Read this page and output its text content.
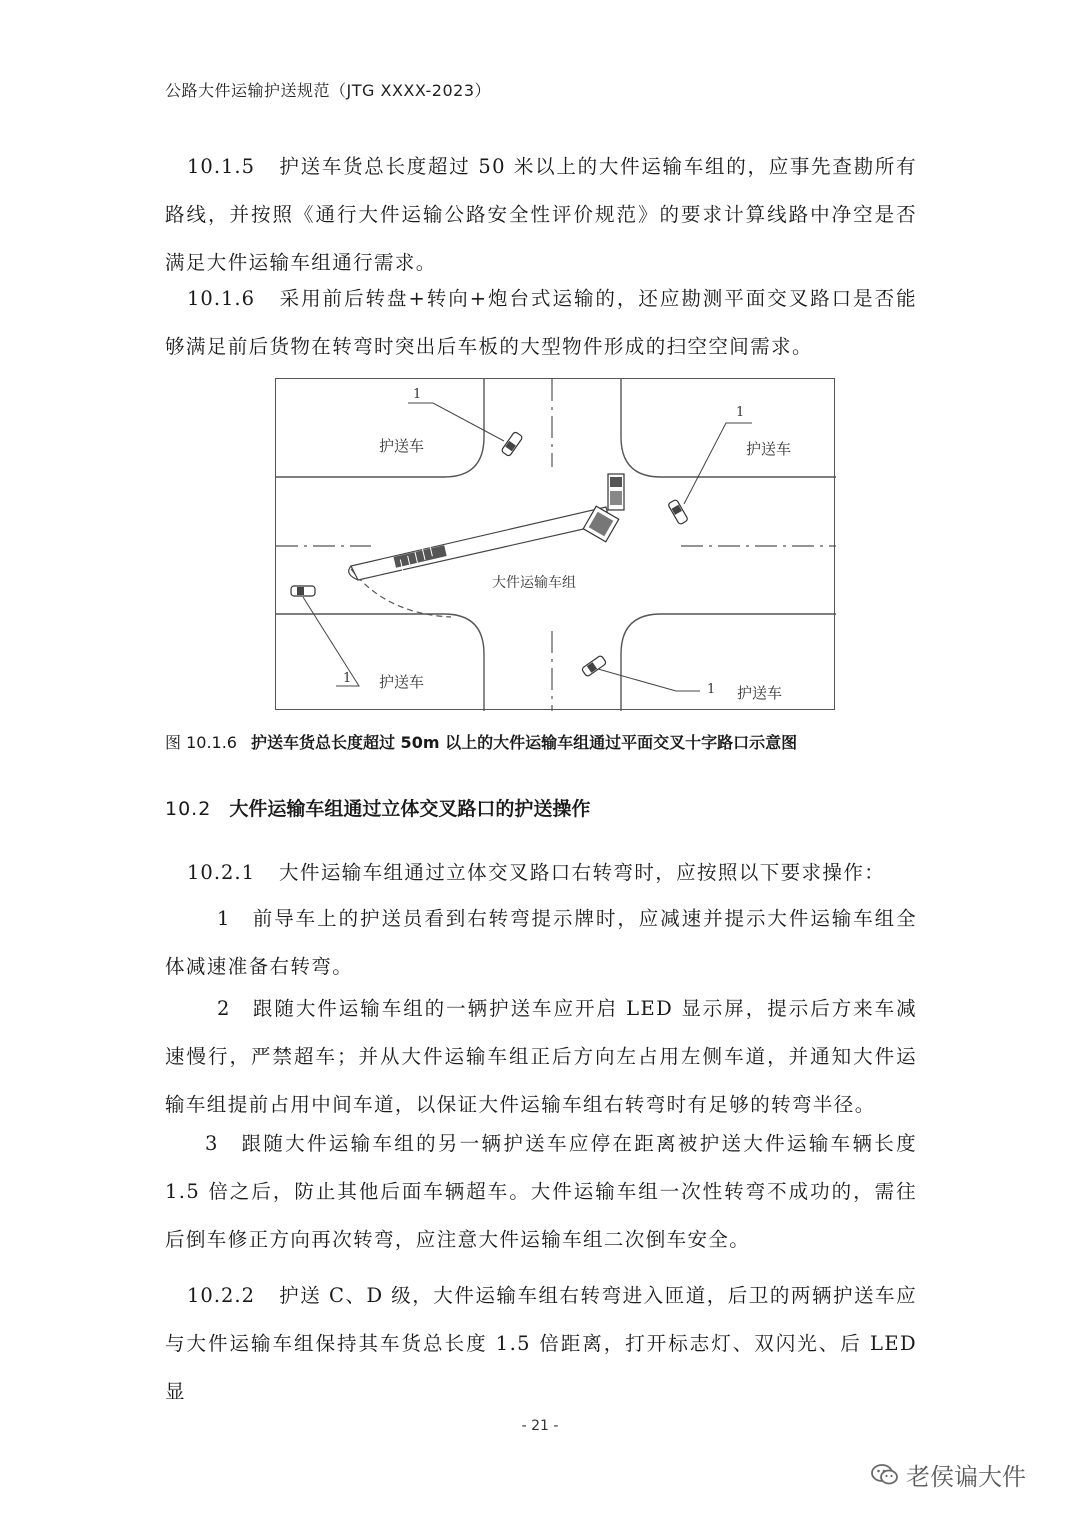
公路大件运输护送规范（JTG XXXX-2023）

10.1.5 护送车货总长度超过 50 米以上的大件运输车组的，应事先查勘所有路线，并按照《通行大件运输公路安全性评价规范》的要求计算线路中净空是否满足大件运输车组通行需求。

10.1.6 采用前后转盘+转向+炮台式运输的，还应勘测平面交叉路口是否能够满足前后货物在转弯时突出后车板的大型物件形成的扫空空间需求。

护送车	护送车
护送车
护送车
大件运输车组
1
1
1
1
图 10.1.6 护送车货总长度超过 50m 以上的大件运输车组通过平面交叉十字路口示意图
10.2 大件运输车组通过立体交叉路口的护送操作

10.2.1 大件运输车组通过立体交叉路口右转弯时，应按照以下要求操作：

1　前导车上的护送员看到右转弯提示牌时，应减速并提示大件运输车组全体减速准备右转弯。

2　跟随大件运输车组的一辆护送车应开启 LED 显示屏，提示后方来车减速慢行，严禁超车；并从大件运输车组正后方向左占用左侧车道，并通知大件运输车组提前占用中间车道，以保证大件运输车组右转弯时有足够的转弯半径。

3　跟随大件运输车组的另一辆护送车应停在距离被护送大件运输车辆长度 1.5 倍之后，防止其他后面车辆超车。大件运输车组一次性转弯不成功的，需往后倒车修正方向再次转弯，应注意大件运输车组二次倒车安全。

10.2.2 护送 C、D 级，大件运输车组右转弯进入匝道，后卫的两辆护送车应与大件运输车组保持其车货总长度 1.5 倍距离，打开标志灯、双闪光、后 LED 显

- 21 -
老侯谝大件
